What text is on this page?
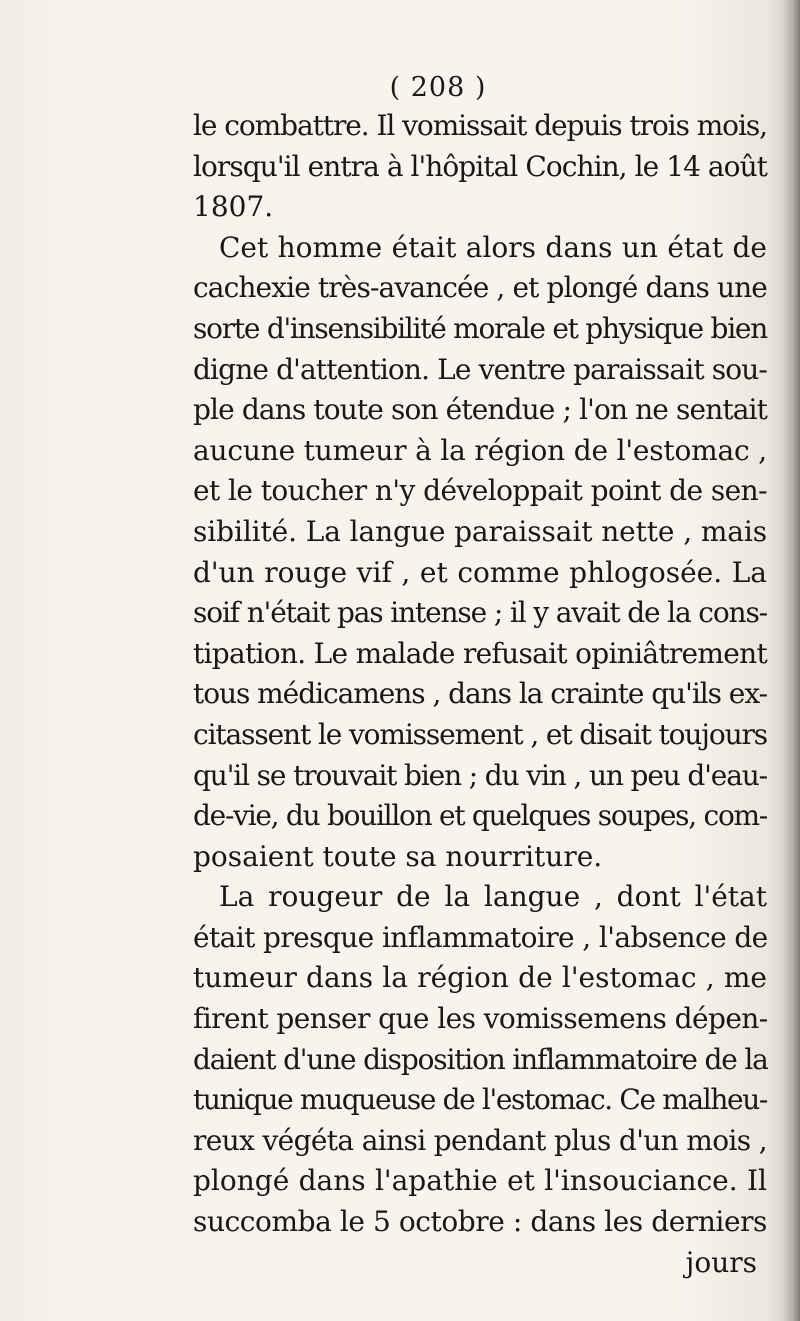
( 208 )
le combattre. Il vomissait depuis trois mois,
lorsqu'il entra à l'hôpital Cochin, le 14 août
1807.
Cet homme était alors dans un état de
cachexie très-avancée , et plongé dans une
sorte d'insensibilité morale et physique bien
digne d'attention. Le ventre paraissait sou-
ple dans toute son étendue ; l'on ne sentait
aucune tumeur à la région de l'estomac ,
et le toucher n'y développait point de sen-
sibilité. La langue paraissait nette , mais
d'un rouge vif , et comme phlogosée. La
soif n'était pas intense ; il y avait de la cons-
tipation. Le malade refusait opiniâtrement
tous médicamens , dans la crainte qu'ils ex-
citassent le vomissement , et disait toujours
qu'il se trouvait bien ; du vin , un peu d'eau-
de-vie, du bouillon et quelques soupes, com-
posaient toute sa nourriture.
La rougeur de la langue , dont l'état
était presque inflammatoire , l'absence de
tumeur dans la région de l'estomac , me
firent penser que les vomissemens dépen-
daient d'une disposition inflammatoire de la
tunique muqueuse de l'estomac. Ce malheu-
reux végéta ainsi pendant plus d'un mois ,
plongé dans l'apathie et l'insouciance. Il
succomba le 5 octobre : dans les derniers
jours
